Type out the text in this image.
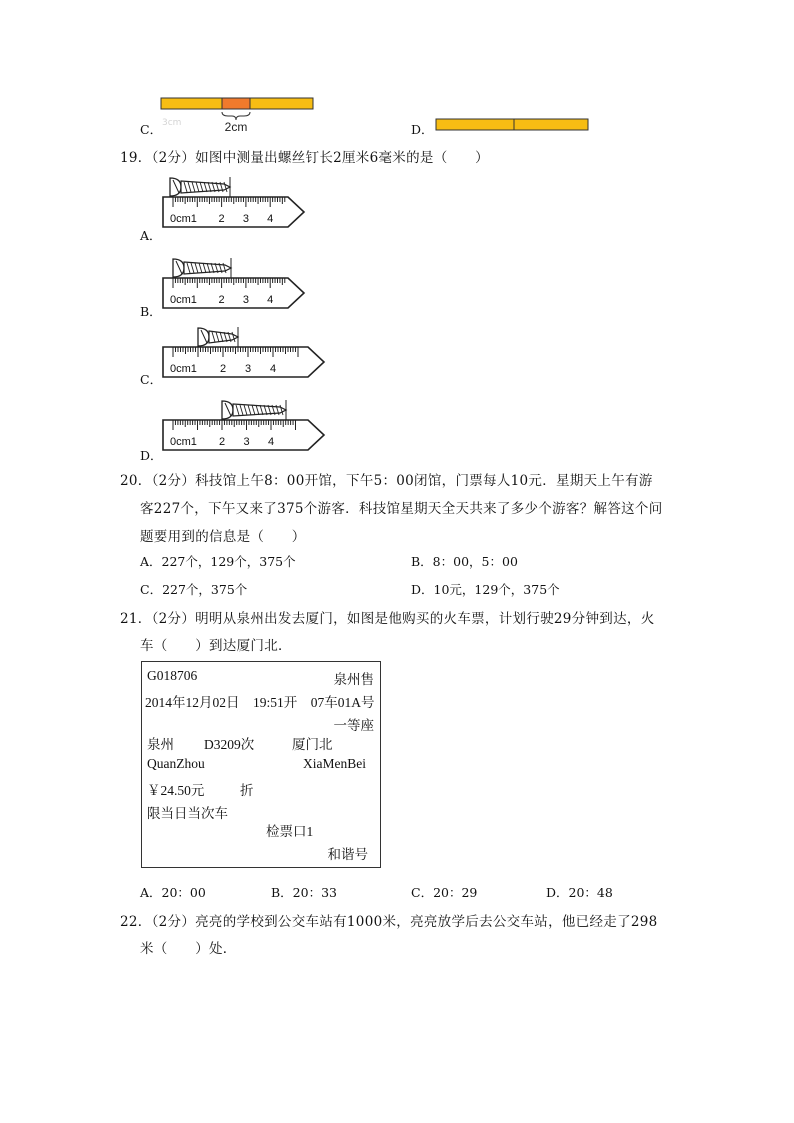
3cm	2cm
C．	D．
19．（2分）如图中测量出螺丝钉长2厘米6毫米的是（　　）
A．
B．
C．
D．
0cm1 2 3 4
0cm1 2 3 4
0cm1 2 3 4
0cm1 2 3 4
20．（2分）科技馆上午8：00开馆，下午5：00闭馆，门票每人10元．星期天上午有游
客227个，下午又来了375个游客．科技馆星期天全天共来了多少个游客？解答这个问
题要用到的信息是（　　）
A．227个，129个，375个	B．8：00，5：00
C．227个，375个	D．10元，129个，375个
21．（2分）明明从泉州出发去厦门，如图是他购买的火车票，计划行驶29分钟到达，火
车（　　）到达厦门北．
G018706	泉州售
2014年12月02日　19:51开　07车01A号
一等座
泉州 D3209次	厦门北
QuanZhou	XiaMenBei
￥24.50元	折
限当日当次车
检票口1
和谐号
A．20：00	B．20：33	C．20：29	D．20：48
22．（2分）亮亮的学校到公交车站有1000米，亮亮放学后去公交车站，他已经走了298
米（　　）处．
